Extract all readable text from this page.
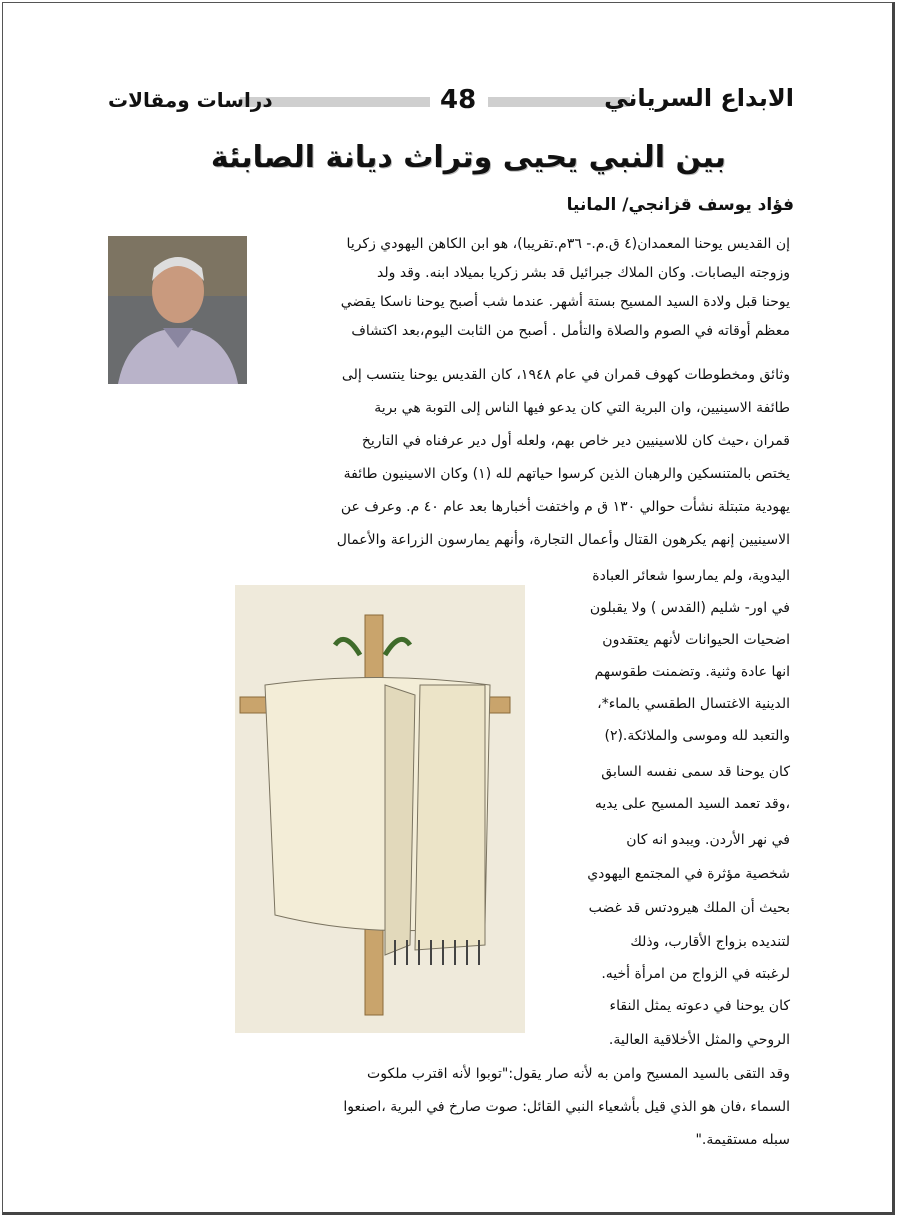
الابداع السرياني
48
دراسات ومقالات
بين النبي يحيى وتراث ديانة الصابئة
فؤاد يوسف قزانجي/ المانيا
إن القديس يوحنا المعمدان(٤ ق.م.- ٣٦م.تقريبا)، هو ابن الكاهن اليهودي زكريا
وزوجته اليصابات. وكان الملاك جبرائيل قد بشر زكريا بميلاد ابنه. وقد ولد
يوحنا قبل ولادة السيد المسيح بستة أشهر. عندما شب أصبح يوحنا ناسكا يقضي
معظم أوقاته في الصوم والصلاة والتأمل . أصبح من الثابت اليوم،بعد اكتشاف
وثائق ومخطوطات كهوف قمران في عام ١٩٤٨، كان القديس يوحنا ينتسب إلى
طائفة الاسينيين، وان البرية التي كان يدعو فيها الناس إلى التوبة هي برية
قمران ،حيث كان للاسينيين دير خاص بهم، ولعله أول دير عرفناه في التاريخ
يختص بالمتنسكين والرهبان الذين كرسوا حياتهم لله (١) وكان الاسينيون طائفة
يهودية متبتلة نشأت حوالي ١٣٠ ق م واختفت أخبارها بعد عام ٤٠ م. وعرف عن
الاسينيين إنهم يكرهون القتال وأعمال التجارة، وأنهم يمارسون الزراعة والأعمال
اليدوية، ولم يمارسوا شعائر العبادة
في اور- شليم (القدس ) ولا يقبلون
اضحيات الحيوانات لأنهم يعتقدون
انها عادة وثنية. وتضمنت طقوسهم
الدينية الاغتسال الطقسي بالماء*،
والتعبد لله وموسى والملائكة.(٢)
كان يوحنا قد سمى نفسه السابق
،وقد تعمد السيد المسيح على يديه
في نهر الأردن. ويبدو انه كان
شخصية مؤثرة في المجتمع اليهودي
بحيث أن الملك هيرودتس قد غضب
لتنديده بزواج الأقارب، وذلك
لرغبته في الزواج من امرأة أخيه.
كان يوحنا في دعوته يمثل النقاء
الروحي والمثل الأخلاقية العالية.
وقد التقى بالسيد المسيح وامن به لأنه صار يقول:"توبوا لأنه اقترب ملكوت
السماء ،فان هو الذي قيل بأشعياء النبي القائل: صوت صارخ في البرية ،اصنعوا
سبله مستقيمة."
